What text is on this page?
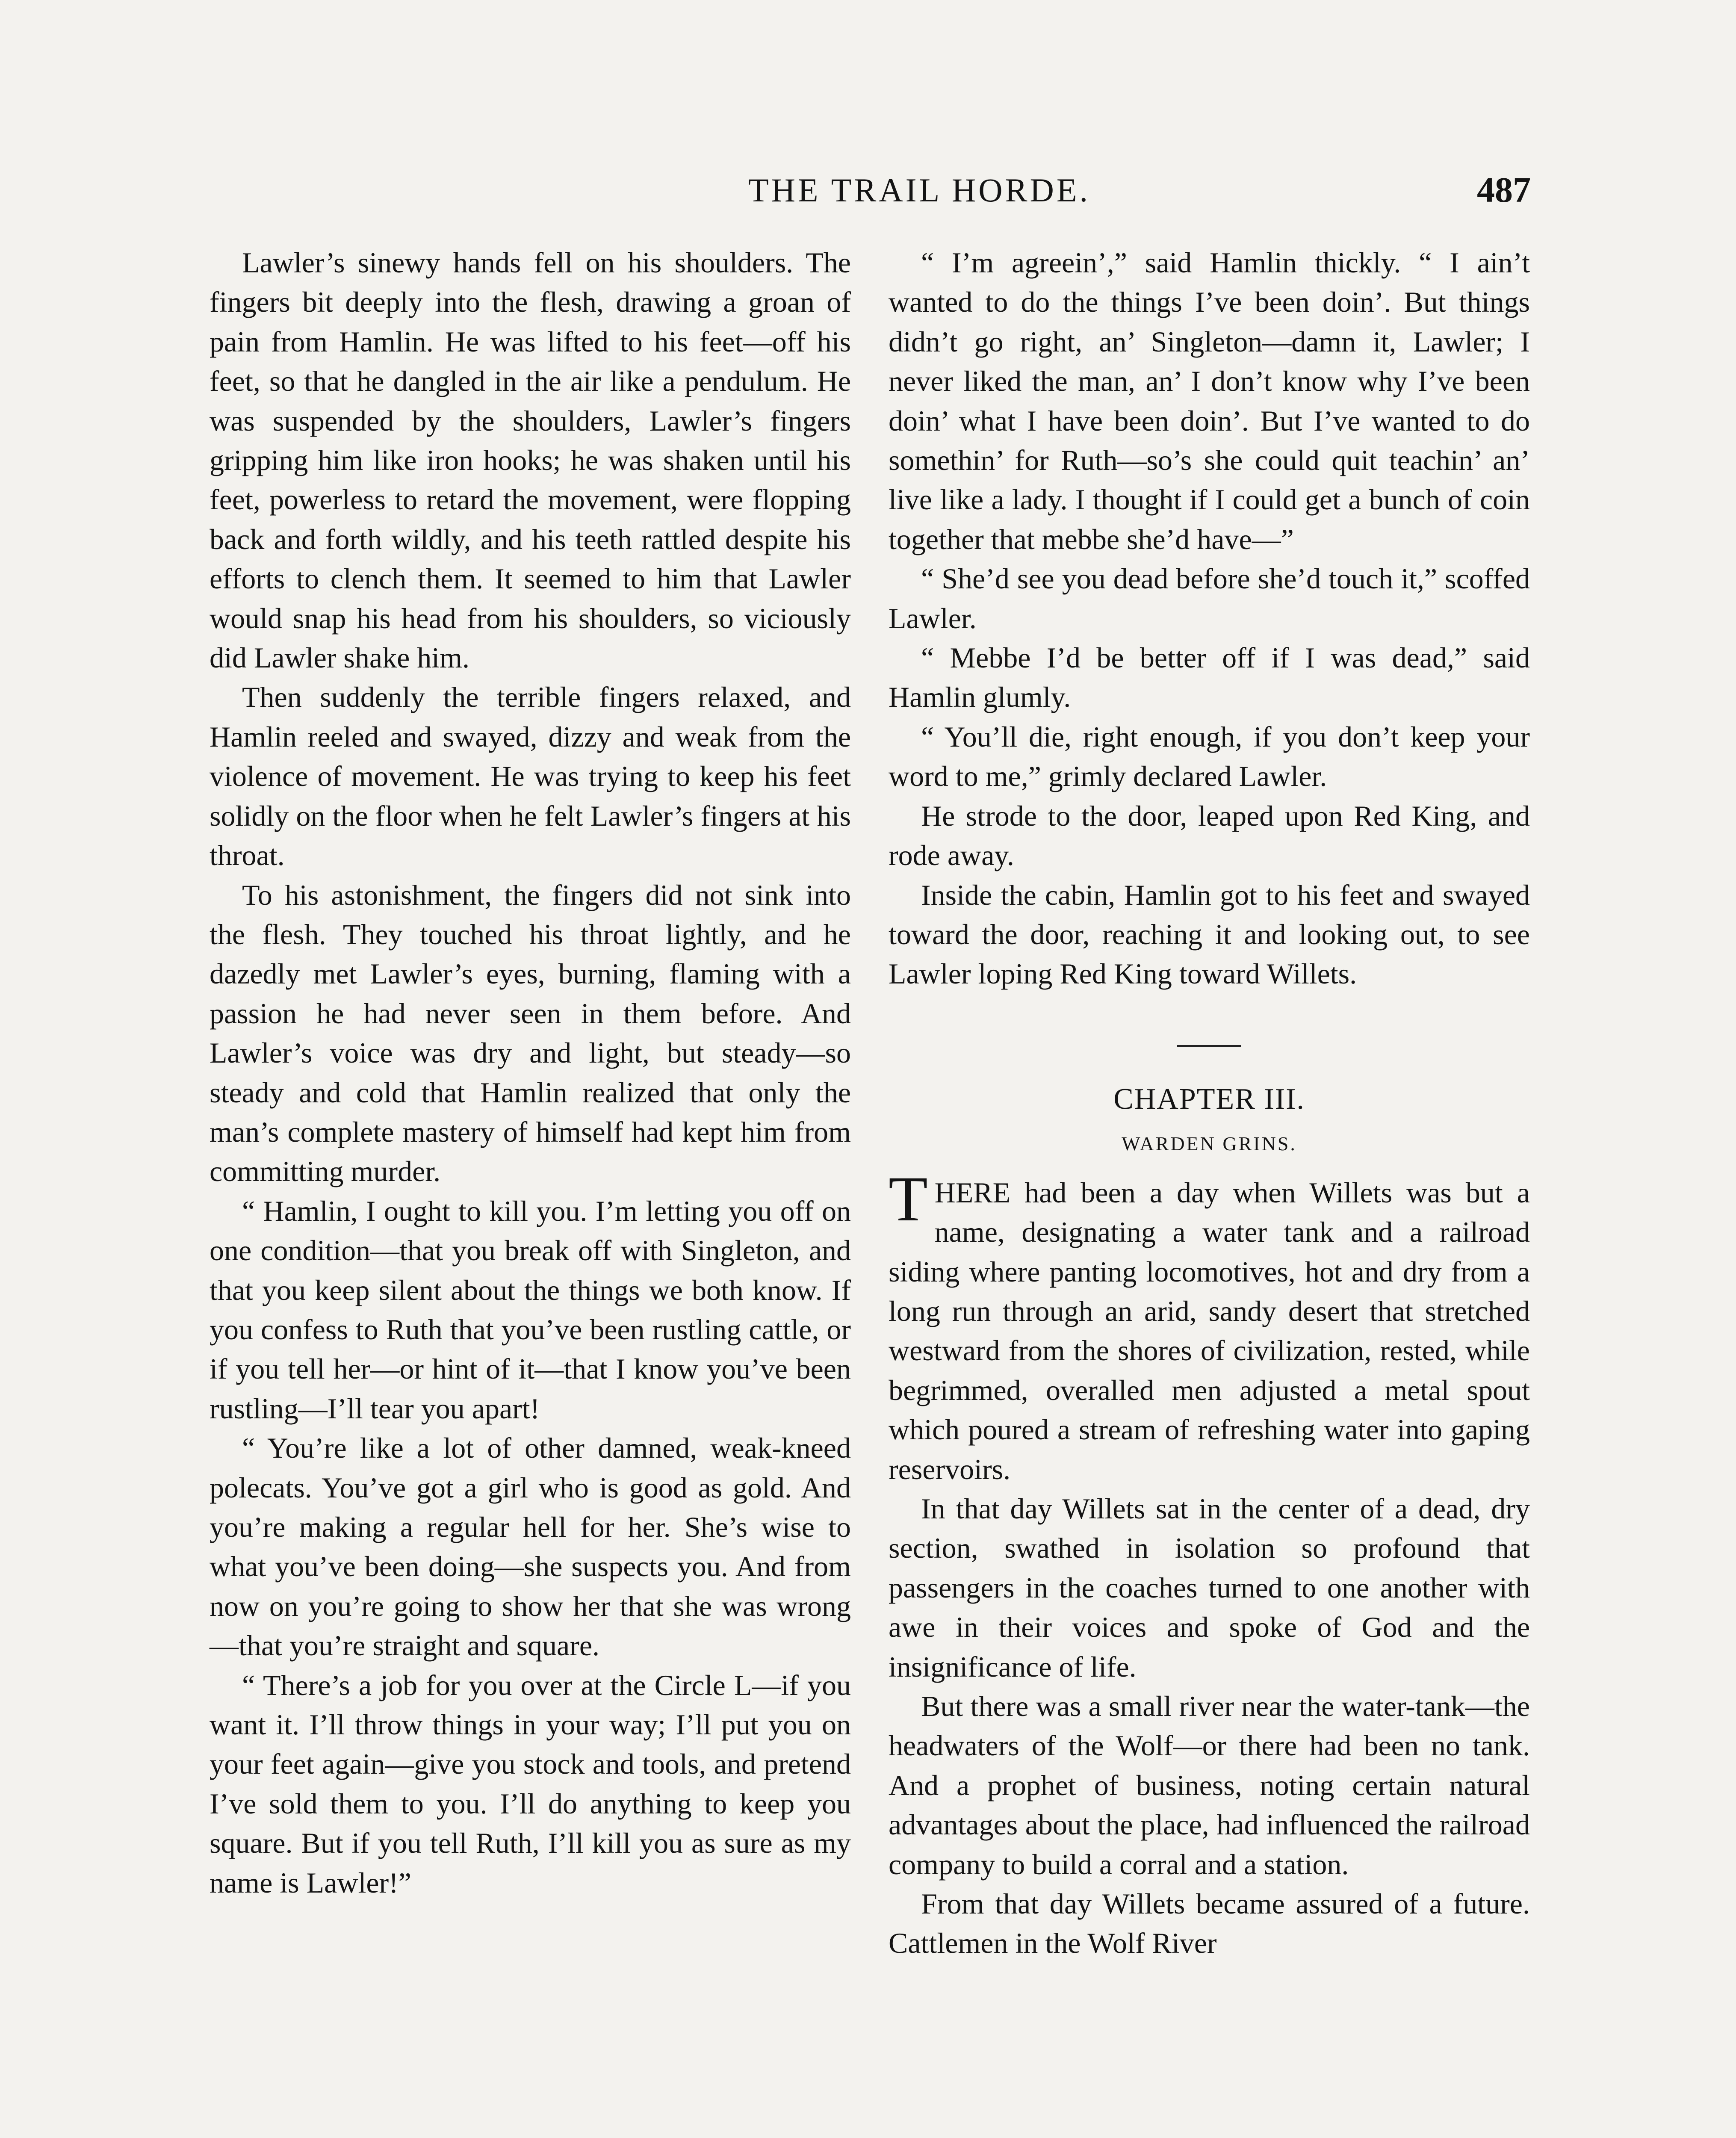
THE TRAIL HORDE.	487

Lawler’s sinewy hands fell on his shoulders. The fingers bit deeply into the flesh, drawing a groan of pain from Hamlin. He was lifted to his feet—off his feet, so that he dangled in the air like a pendulum. He was suspended by the shoulders, Lawler’s fingers gripping him like iron hooks; he was shaken until his feet, powerless to retard the movement, were flopping back and forth wildly, and his teeth rattled despite his efforts to clench them. It seemed to him that Lawler would snap his head from his shoulders, so viciously did Lawler shake him.

Then suddenly the terrible fingers relaxed, and Hamlin reeled and swayed, dizzy and weak from the violence of movement. He was trying to keep his feet solidly on the floor when he felt Lawler’s fingers at his throat.

To his astonishment, the fingers did not sink into the flesh. They touched his throat lightly, and he dazedly met Lawler’s eyes, burning, flaming with a passion he had never seen in them before. And Lawler’s voice was dry and light, but steady—so steady and cold that Hamlin realized that only the man’s complete mastery of himself had kept him from committing murder.

“ Hamlin, I ought to kill you. I’m letting you off on one condition—that you break off with Singleton, and that you keep silent about the things we both know. If you confess to Ruth that you’ve been rustling cattle, or if you tell her—or hint of it—that I know you’ve been rustling—I’ll tear you apart!

“ You’re like a lot of other damned, weak-kneed polecats. You’ve got a girl who is good as gold. And you’re making a regular hell for her. She’s wise to what you’ve been doing—she suspects you. And from now on you’re going to show her that she was wrong—that you’re straight and square.

“ There’s a job for you over at the Circle L—if you want it. I’ll throw things in your way; I’ll put you on your feet again—give you stock and tools, and pretend I’ve sold them to you. I’ll do anything to keep you square. But if you tell Ruth, I’ll kill you as sure as my name is Lawler!”

“ I’m agreein’,” said Hamlin thickly. “ I ain’t wanted to do the things I’ve been doin’. But things didn’t go right, an’ Singleton—damn it, Lawler; I never liked the man, an’ I don’t know why I’ve been doin’ what I have been doin’. But I’ve wanted to do somethin’ for Ruth—so’s she could quit teachin’ an’ live like a lady. I thought if I could get a bunch of coin together that mebbe she’d have—”

“ She’d see you dead before she’d touch it,” scoffed Lawler.

“ Mebbe I’d be better off if I was dead,” said Hamlin glumly.

“ You’ll die, right enough, if you don’t keep your word to me,” grimly declared Lawler.

He strode to the door, leaped upon Red King, and rode away.

Inside the cabin, Hamlin got to his feet and swayed toward the door, reaching it and looking out, to see Lawler loping Red King toward Willets.

CHAPTER III.
WARDEN GRINS.

THERE had been a day when Willets was but a name, designating a water tank and a railroad siding where panting locomotives, hot and dry from a long run through an arid, sandy desert that stretched westward from the shores of civilization, rested, while begrimmed, overalled men adjusted a metal spout which poured a stream of refreshing water into gaping reservoirs.

In that day Willets sat in the center of a dead, dry section, swathed in isolation so profound that passengers in the coaches turned to one another with awe in their voices and spoke of God and the insignificance of life.

But there was a small river near the water-tank—the headwaters of the Wolf—or there had been no tank. And a prophet of business, noting certain natural advantages about the place, had influenced the railroad company to build a corral and a station.

From that day Willets became assured of a future. Cattlemen in the Wolf River
